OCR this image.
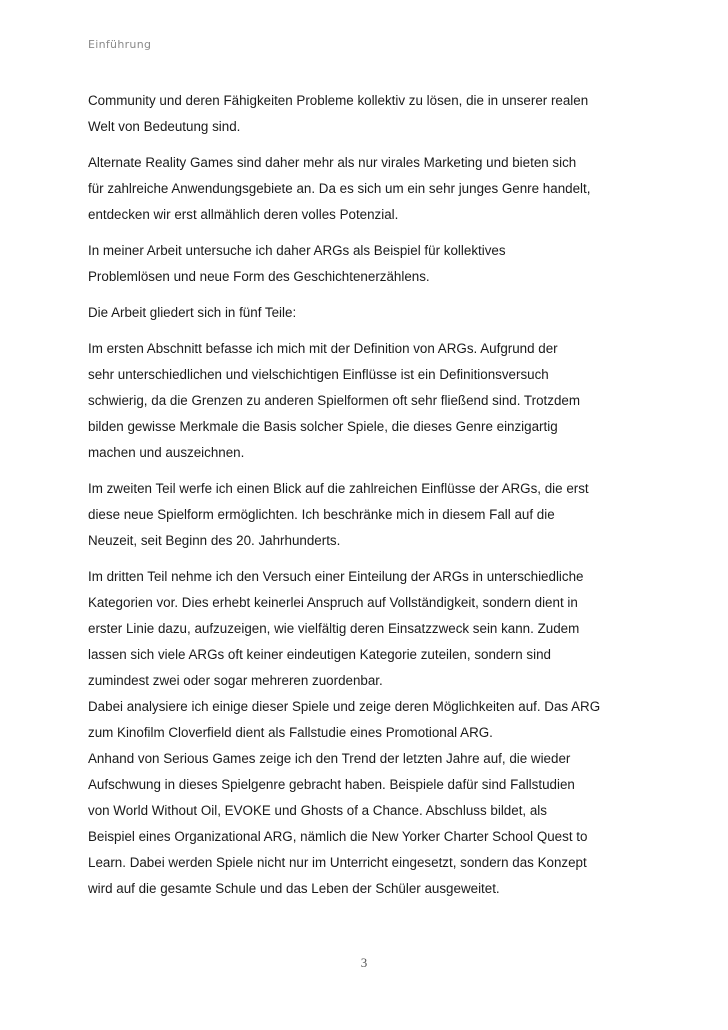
Einführung

Community und deren Fähigkeiten Probleme kollektiv zu lösen, die in unserer realen
Welt von Bedeutung sind.

Alternate Reality Games sind daher mehr als nur virales Marketing und bieten sich
für zahlreiche Anwendungsgebiete an. Da es sich um ein sehr junges Genre handelt,
entdecken wir erst allmählich deren volles Potenzial.

In meiner Arbeit untersuche ich daher ARGs als Beispiel für kollektives
Problemlösen und neue Form des Geschichtenerzählens.

Die Arbeit gliedert sich in fünf Teile:

Im ersten Abschnitt befasse ich mich mit der Definition von ARGs. Aufgrund der
sehr unterschiedlichen und vielschichtigen Einflüsse ist ein Definitionsversuch
schwierig, da die Grenzen zu anderen Spielformen oft sehr fließend sind. Trotzdem
bilden gewisse Merkmale die Basis solcher Spiele, die dieses Genre einzigartig
machen und auszeichnen.

Im zweiten Teil werfe ich einen Blick auf die zahlreichen Einflüsse der ARGs, die erst
diese neue Spielform ermöglichten. Ich beschränke mich in diesem Fall auf die
Neuzeit, seit Beginn des 20. Jahrhunderts.

Im dritten Teil nehme ich den Versuch einer Einteilung der ARGs in unterschiedliche
Kategorien vor. Dies erhebt keinerlei Anspruch auf Vollständigkeit, sondern dient in
erster Linie dazu, aufzuzeigen, wie vielfältig deren Einsatzzweck sein kann. Zudem
lassen sich viele ARGs oft keiner eindeutigen Kategorie zuteilen, sondern sind
zumindest zwei oder sogar mehreren zuordenbar.

Dabei analysiere ich einige dieser Spiele und zeige deren Möglichkeiten auf. Das ARG
zum Kinofilm Cloverfield dient als Fallstudie eines Promotional ARG.

Anhand von Serious Games zeige ich den Trend der letzten Jahre auf, die wieder
Aufschwung in dieses Spielgenre gebracht haben. Beispiele dafür sind Fallstudien
von World Without Oil, EVOKE und Ghosts of a Chance. Abschluss bildet, als
Beispiel eines Organizational ARG, nämlich die New Yorker Charter School Quest to
Learn. Dabei werden Spiele nicht nur im Unterricht eingesetzt, sondern das Konzept
wird auf die gesamte Schule und das Leben der Schüler ausgeweitet.

3
